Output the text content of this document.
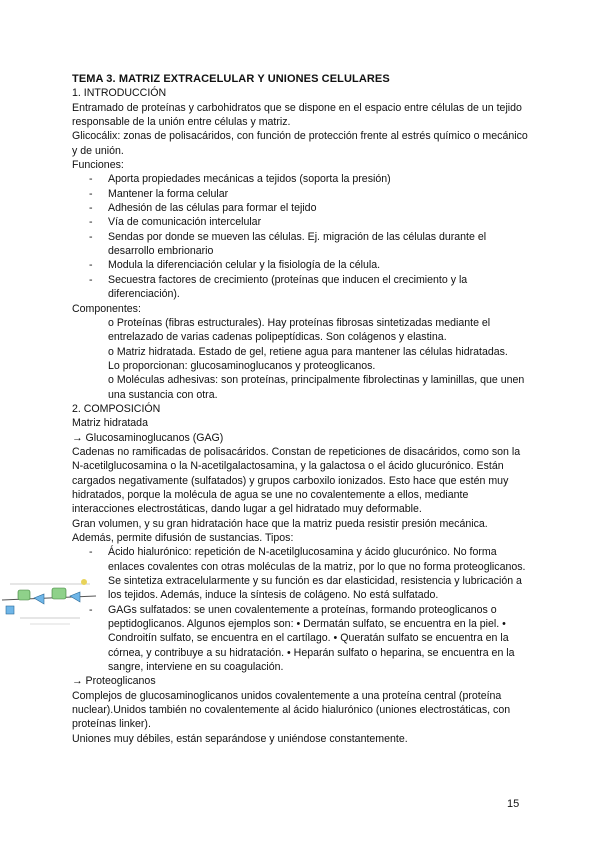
TEMA 3. MATRIZ EXTRACELULAR Y UNIONES CELULARES

1. INTRODUCCIÓN

Entramado de proteínas y carbohidratos que se dispone en el espacio entre células de un tejido responsable de la unión entre células y matriz.

Glicocálix: zonas de polisacáridos, con función de protección frente al estrés químico o mecánico y de unión.

Funciones:

- Aporta propiedades mecánicas a tejidos (soporta la presión)
- Mantener la forma celular
- Adhesión de las células para formar el tejido
- Vía de comunicación intercelular
- Sendas por donde se mueven las células. Ej. migración de las células durante el desarrollo embrionario
- Modula la diferenciación celular y la fisiología de la célula.
- Secuestra factores de crecimiento (proteínas que inducen el crecimiento y la diferenciación).

Componentes:

o Proteínas (fibras estructurales). Hay proteínas fibrosas sintetizadas mediante el entrelazado de varias cadenas polipeptídicas. Son colágenos y elastina.
o Matriz hidratada. Estado de gel, retiene agua para mantener las células hidratadas.
Lo proporcionan: glucosaminoglucanos y proteoglicanos.
o Moléculas adhesivas: son proteínas, principalmente fibrolectinas y laminillas, que unen una sustancia con otra.

2. COMPOSICIÓN

Matriz hidratada

→ Glucosaminoglucanos (GAG)

Cadenas no ramificadas de polisacáridos. Constan de repeticiones de disacáridos, como son la N-acetilglucosamina o la N-acetilgalactosamina, y la galactosa o el ácido glucurónico. Están cargados negativamente (sulfatados) y grupos carboxilo ionizados. Esto hace que estén muy hidratados, porque la molécula de agua se une no covalentemente a ellos, mediante interacciones electrostáticas, dando lugar a gel hidratado muy deformable.

Gran volumen, y su gran hidratación hace que la matriz pueda resistir presión mecánica. Además, permite difusión de sustancias. Tipos:

- Ácido hialurónico: repetición de N-acetilglucosamina y ácido glucurónico. No forma enlaces covalentes con otras moléculas de la matriz, por lo que no forma proteoglicanos. Se sintetiza extracelularmente y su función es dar elasticidad, resistencia y lubricación a los tejidos. Además, induce la síntesis de colágeno. No está sulfatado.
- GAGs sulfatados: se unen covalentemente a proteínas, formando proteoglicanos o peptidoglicanos. Algunos ejemplos son: • Dermatán sulfato, se encuentra en la piel. • Condroitín sulfato, se encuentra en el cartílago. • Queratán sulfato se encuentra en la córnea, y contribuye a su hidratación. • Heparán sulfato o heparina, se encuentra en la sangre, interviene en su coagulación.

→ Proteoglicanos

Complejos de glucosaminoglicanos unidos covalentemente a una proteína central (proteína nuclear).Unidos también no covalentemente al ácido hialurónico (uniones electrostáticas, con proteínas linker).

Uniones muy débiles, están separándose y uniéndose constantemente.

15
